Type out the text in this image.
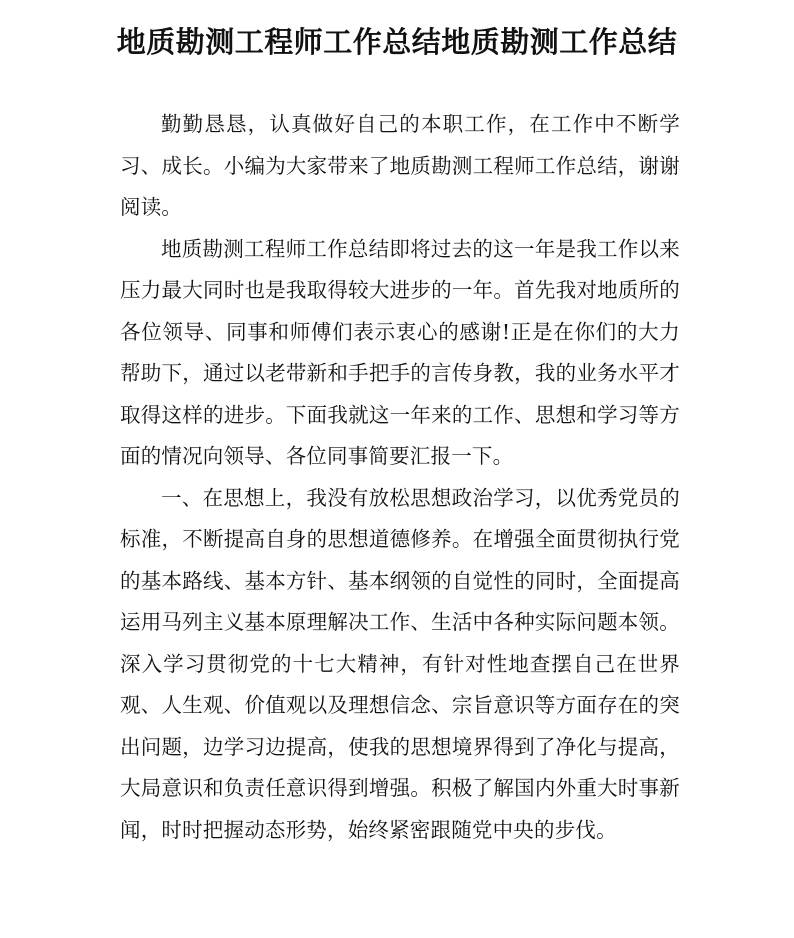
地质勘测工程师工作总结地质勘测工作总结

勤勤恳恳，认真做好自己的本职工作，在工作中不断学习、成长。小编为大家带来了地质勘测工程师工作总结，谢谢阅读。

地质勘测工程师工作总结即将过去的这一年是我工作以来压力最大同时也是我取得较大进步的一年。首先我对地质所的各位领导、同事和师傅们表示衷心的感谢!正是在你们的大力帮助下，通过以老带新和手把手的言传身教，我的业务水平才取得这样的进步。下面我就这一年来的工作、思想和学习等方面的情况向领导、各位同事简要汇报一下。

一、在思想上，我没有放松思想政治学习，以优秀党员的标准，不断提高自身的思想道德修养。在增强全面贯彻执行党的基本路线、基本方针、基本纲领的自觉性的同时，全面提高运用马列主义基本原理解决工作、生活中各种实际问题本领。深入学习贯彻党的十七大精神，有针对性地查摆自己在世界观、人生观、价值观以及理想信念、宗旨意识等方面存在的突出问题，边学习边提高，使我的思想境界得到了净化与提高，大局意识和负责任意识得到增强。积极了解国内外重大时事新闻，时时把握动态形势，始终紧密跟随党中央的步伐。
